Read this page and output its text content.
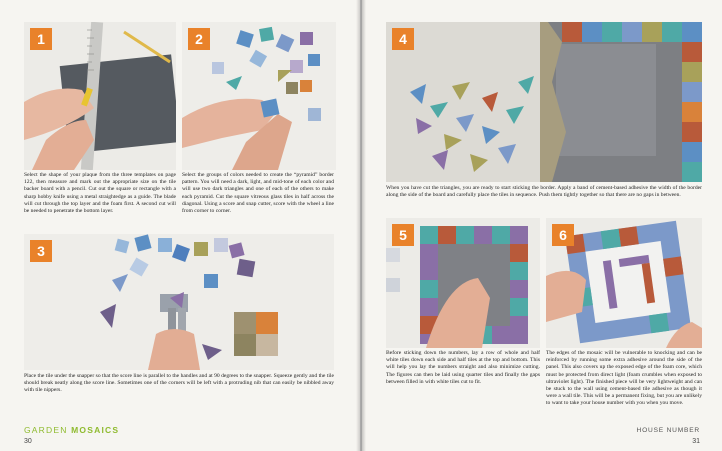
1
Select the shape of your plaque from the three templates on page 122, then measure and mark out the appropriate size on the tile backer board with a pencil. Cut out the square or rectangle with a sharp hobby knife using a metal straightedge as a guide. The blade will cut through the top layer and the foam first. A second cut will be needed to penetrate the bottom layer.
2
Select the groups of colors needed to create the “pyramid” border pattern. You will need a dark, light, and mid-tone of each color and will use two dark triangles and one of each of the others to make each pyramid. Cut the square vitreous glass tiles in half across the diagonal. Using a score and snap cutter, score with the wheel a line from corner to corner.
3
Place the tile under the snapper so that the score line is parallel to the handles and at 90 degrees to the snapper. Squeeze gently and the tile should break neatly along the score line. Sometimes one of the corners will be left with a protruding nib that can easily be nibbled away with tile nippers.
GARDEN MOSAICS
30
4
When you have cut the triangles, you are ready to start sticking the border. Apply a band of cement-based adhesive the width of the border along the side of the board and carefully place the tiles in sequence. Push them tightly together so that there are no gaps in between.
5
Before sticking down the numbers, lay a row of whole and half white tiles down each side and half tiles at the top and bottom. This will help you lay the numbers straight and also minimize cutting. The figures can then be laid using quarter tiles and finally the gaps between filled in with white tiles cut to fit.
6
The edges of the mosaic will be vulnerable to knocking and can be reinforced by running some extra adhesive around the side of the panel. This also covers up the exposed edge of the foam core, which must be protected from direct light (foam crumbles when exposed to ultraviolet light). The finished piece will be very lightweight and can be stuck to the wall using cement-based tile adhesive as though it were a wall tile. This will be a permanent fixing, but you are unlikely to want to take your house number with you when you move.
HOUSE NUMBER
31
